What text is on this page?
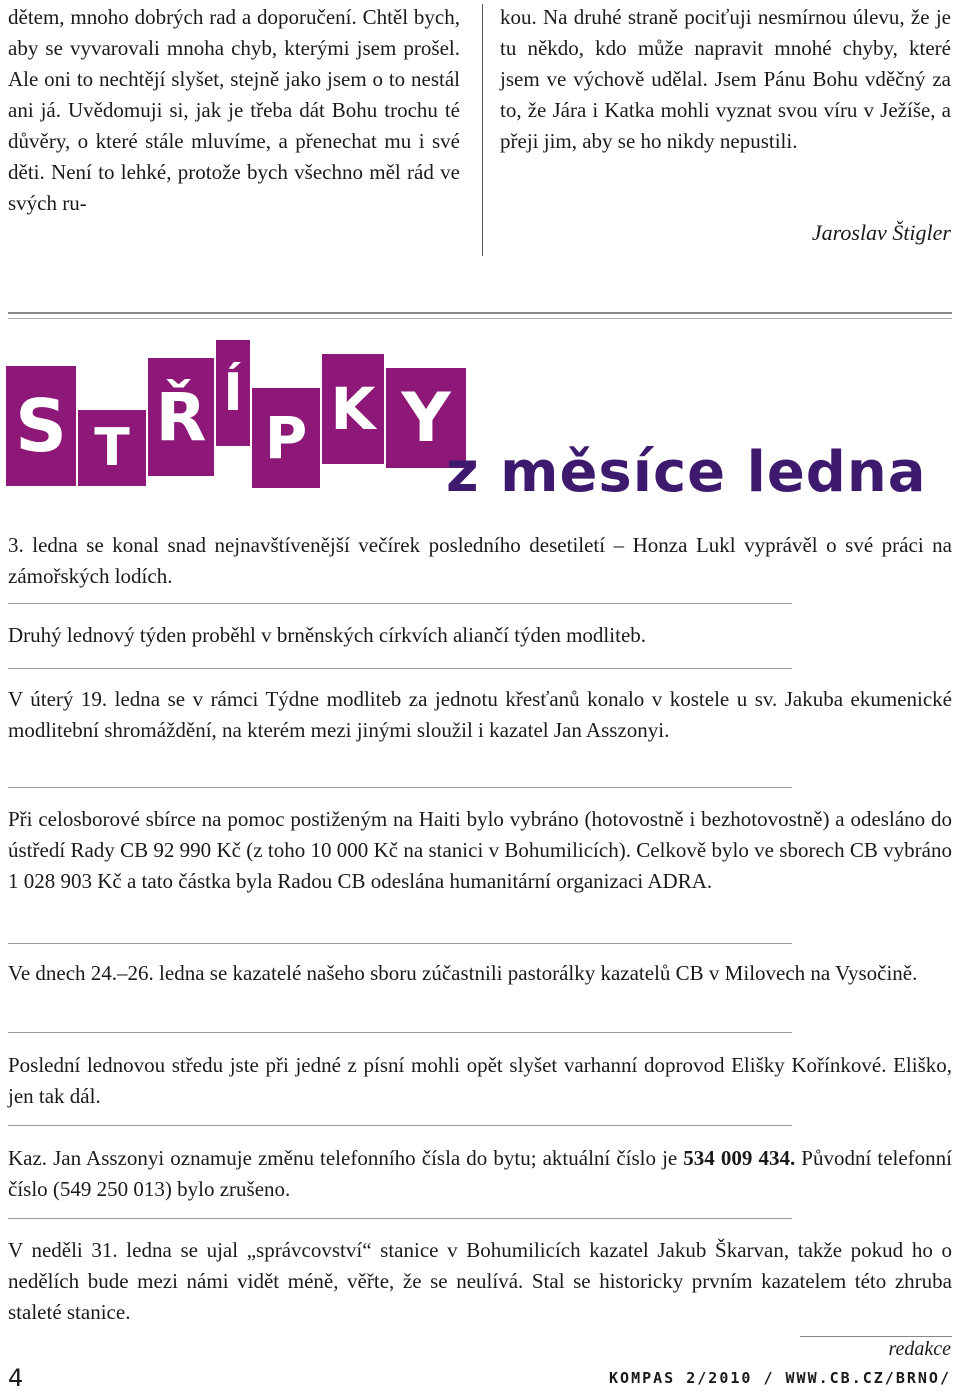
dětem, mnoho dobrých rad a doporučení. Chtěl bych, aby se vyvarovali mnoha chyb, kterými jsem prošel. Ale oni to nechtějí slyšet, stejně jako jsem o to nestál ani já. Uvědomuji si, jak je třeba dát Bohu trochu té důvěry, o které stále mluvíme, a přenechat mu i své děti. Není to lehké, protože bych všechno měl rád ve svých ru-
kou. Na druhé straně pociťuji nesmírnou úlevu, že je tu někdo, kdo může napravit mnohé chyby, které jsem ve výchově udělal. Jsem Pánu Bohu vděčný za to, že Jára i Katka mohli vyznat svou víru v Ježíše, a přeji jim, aby se ho nikdy nepustili.
Jaroslav Štigler
S T Ř Í
P K Y
z měsíce ledna
3. ledna se konal snad nejnavštívenější večírek posledního desetiletí – Honza Lukl vyprávěl o své práci na zámořských lodích.
Druhý lednový týden proběhl v brněnských církvích aliančí týden modliteb.
V úterý 19. ledna se v rámci Týdne modliteb za jednotu křesťanů konalo v kostele u sv. Jakuba ekumenické modlitební shromáždění, na kterém mezi jinými sloužil i kazatel Jan Asszonyi.
Při celosborové sbírce na pomoc postiženým na Haiti bylo vybráno (hotovostně i bezhotovostně) a odesláno do ústředí Rady CB 92 990 Kč (z toho 10 000 Kč na stanici v Bohumilicích). Celkově bylo ve sborech CB vybráno 1 028 903 Kč a tato částka byla Radou CB odeslána humanitární organizaci ADRA.
Ve dnech 24.–26. ledna se kazatelé našeho sboru zúčastnili pastorálky kazatelů CB v Milovech na Vysočině.
Poslední lednovou středu jste při jedné z písní mohli opět slyšet varhanní doprovod Elišky Kořínkové. Eliško, jen tak dál.
Kaz. Jan Asszonyi oznamuje změnu telefonního čísla do bytu; aktuální číslo je 534 009 434. Původní telefonní číslo (549 250 013) bylo zrušeno.
V neděli 31. ledna se ujal „správcovství“ stanice v Bohumilicích kazatel Jakub Škarvan, takže pokud ho o nedělích bude mezi námi vidět méně, věřte, že se neulívá. Stal se historicky prvním kazatelem této zhruba staleté stanice.
redakce
4	KOMPAS 2/2010 / WWW.CB.CZ/BRNO/
